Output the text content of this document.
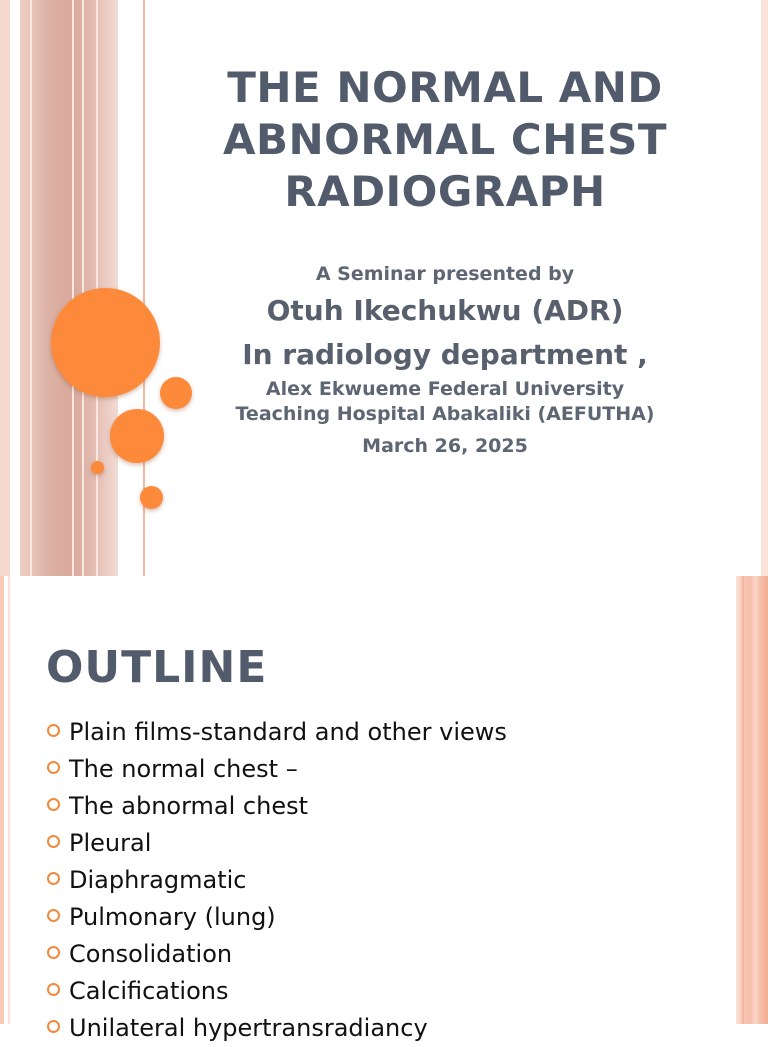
THE NORMAL AND
ABNORMAL CHEST
RADIOGRAPH

A Seminar presented by

Otuh Ikechukwu (ADR)

In radiology department ,

Alex Ekwueme Federal University

Teaching Hospital Abakaliki (AEFUTHA)

March 26, 2025

OUTLINE
Plain films-standard and other views
The normal chest –
The abnormal chest
Pleural
Diaphragmatic
Pulmonary (lung)
Consolidation
Calcifications
Unilateral hypertransradiancy
